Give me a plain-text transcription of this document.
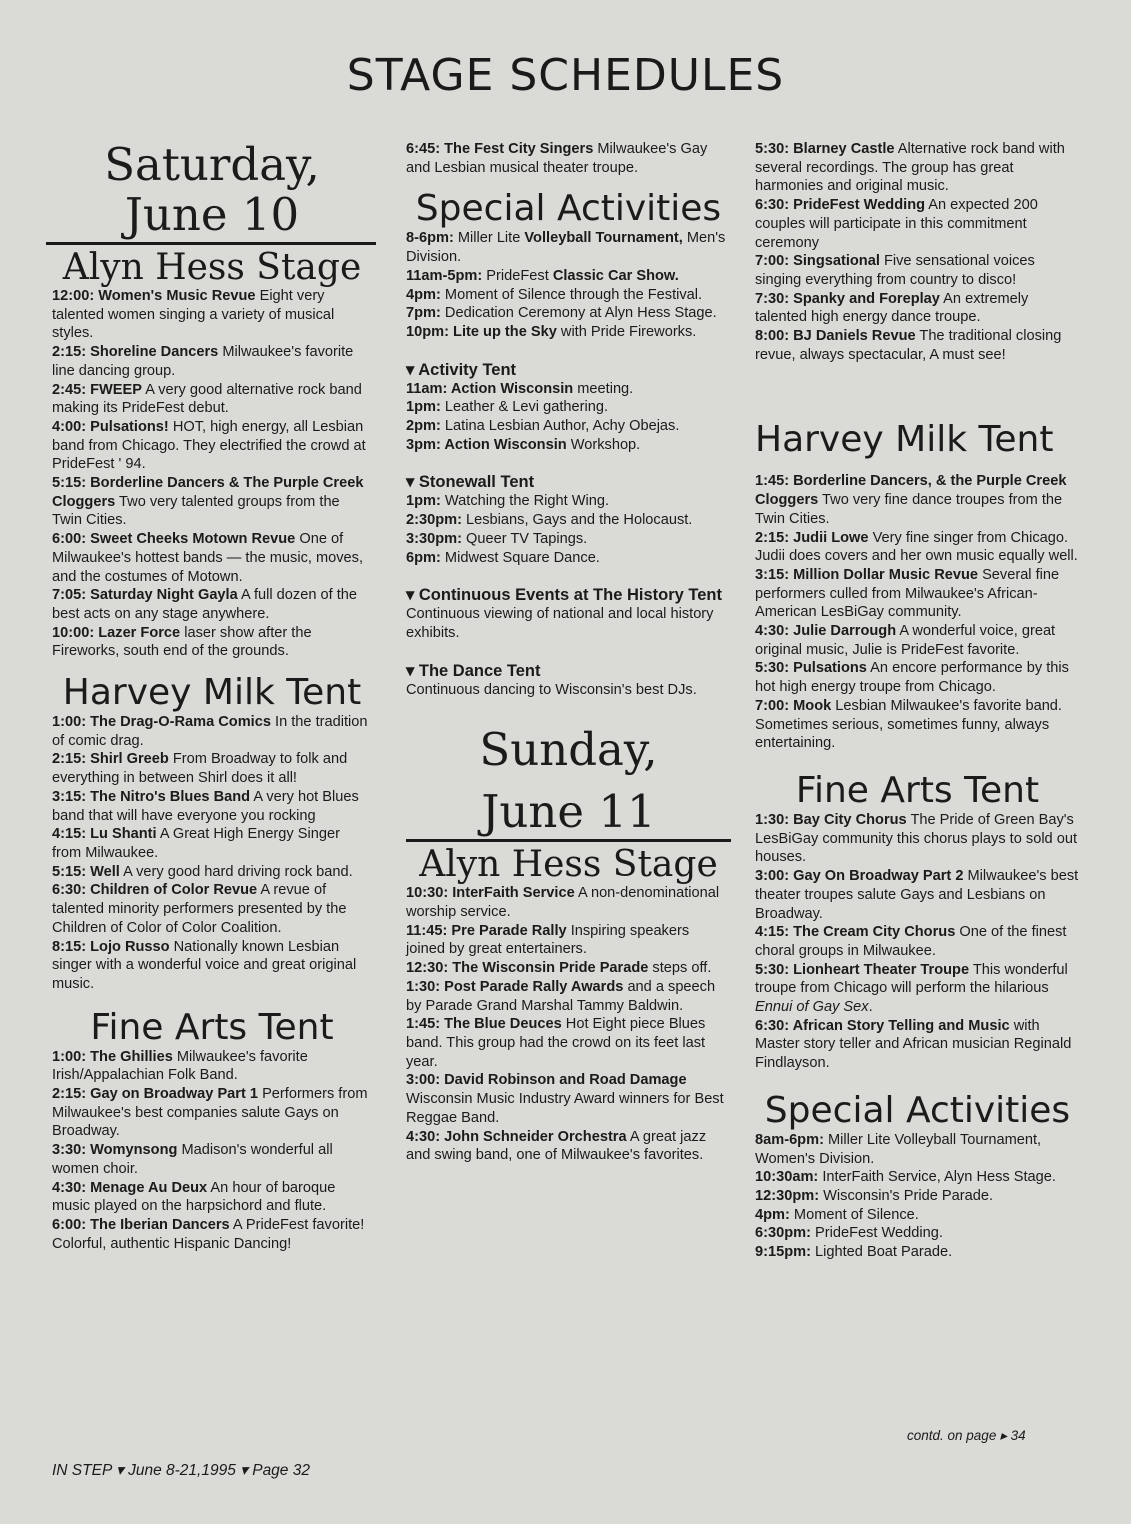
STAGE SCHEDULES
Saturday,
June 10
Alyn Hess Stage

12:00: Women's Music Revue Eight very talented women singing a variety of musical styles.

2:15: Shoreline Dancers Milwaukee's favorite line dancing group.

2:45: FWEEP A very good alternative rock band making its PrideFest debut.

4:00: Pulsations! HOT, high energy, all Lesbian band from Chicago. They electrified the crowd at PrideFest ' 94.

5:15: Borderline Dancers & The Purple Creek Cloggers Two very talented groups from the Twin Cities.

6:00: Sweet Cheeks Motown Revue One of Milwaukee's hottest bands — the music, moves, and the costumes of Motown.

7:05: Saturday Night Gayla A full dozen of the best acts on any stage anywhere.

10:00: Lazer Force laser show after the Fireworks, south end of the grounds.

Harvey Milk Tent

1:00: The Drag-O-Rama Comics In the tradition of comic drag.

2:15: Shirl Greeb From Broadway to folk and everything in between Shirl does it all!

3:15: The Nitro's Blues Band A very hot Blues band that will have everyone you rocking

4:15: Lu Shanti A Great High Energy Singer from Milwaukee.

5:15: Well A very good hard driving rock band.

6:30: Children of Color Revue A revue of talented minority performers presented by the Children of Color of Color Coalition.

8:15: Lojo Russo Nationally known Lesbian singer with a wonderful voice and great original music.

Fine Arts Tent

1:00: The Ghillies Milwaukee's favorite Irish/Appalachian Folk Band.

2:15: Gay on Broadway Part 1 Performers from Milwaukee's best companies salute Gays on Broadway.

3:30: Womynsong Madison's wonderful all women choir.

4:30: Menage Au Deux An hour of baroque music played on the harpsichord and flute.

6:00: The Iberian Dancers A PrideFest favorite! Colorful, authentic Hispanic Dancing!

6:45: The Fest City Singers Milwaukee's Gay and Lesbian musical theater troupe.

Special Activities

8-6pm: Miller Lite Volleyball Tournament, Men's Division.

11am-5pm: PrideFest Classic Car Show.

4pm: Moment of Silence through the Festival.

7pm: Dedication Ceremony at Alyn Hess Stage.

10pm: Lite up the Sky with Pride Fireworks.

▾ Activity Tent

11am: Action Wisconsin meeting.

1pm: Leather & Levi gathering.

2pm: Latina Lesbian Author, Achy Obejas.

3pm: Action Wisconsin Workshop.

▾ Stonewall Tent

1pm: Watching the Right Wing.

2:30pm: Lesbians, Gays and the Holocaust.

3:30pm: Queer TV Tapings.

6pm: Midwest Square Dance.

▾ Continuous Events at The History Tent

Continuous viewing of national and local history exhibits.

▾ The Dance Tent

Continuous dancing to Wisconsin's best DJs.

Sunday,
June 11
Alyn Hess Stage

10:30: InterFaith Service A non-denominational worship service.

11:45: Pre Parade Rally Inspiring speakers joined by great entertainers.

12:30: The Wisconsin Pride Parade steps off.

1:30: Post Parade Rally Awards and a speech by Parade Grand Marshal Tammy Baldwin.

1:45: The Blue Deuces Hot Eight piece Blues band. This group had the crowd on its feet last year.

3:00: David Robinson and Road Damage Wisconsin Music Industry Award winners for Best Reggae Band.

4:30: John Schneider Orchestra A great jazz and swing band, one of Milwaukee's favorites.

5:30: Blarney Castle Alternative rock band with several recordings. The group has great harmonies and original music.

6:30: PrideFest Wedding An expected 200 couples will participate in this commitment ceremony

7:00: Singsational Five sensational voices singing everything from country to disco!

7:30: Spanky and Foreplay An extremely talented high energy dance troupe.

8:00: BJ Daniels Revue The traditional closing revue, always spectacular, A must see!

Harvey Milk Tent

1:45: Borderline Dancers, & the Purple Creek Cloggers Two very fine dance troupes from the Twin Cities.

2:15: Judii Lowe Very fine singer from Chicago. Judii does covers and her own music equally well.

3:15: Million Dollar Music Revue Several fine performers culled from Milwaukee's African-American LesBiGay community.

4:30: Julie Darrough A wonderful voice, great original music, Julie is PrideFest favorite.

5:30: Pulsations An encore performance by this hot high energy troupe from Chicago.

7:00: Mook Lesbian Milwaukee's favorite band. Sometimes serious, sometimes funny, always entertaining.

Fine Arts Tent

1:30: Bay City Chorus The Pride of Green Bay's LesBiGay community this chorus plays to sold out houses.

3:00: Gay On Broadway Part 2 Milwaukee's best theater troupes salute Gays and Lesbians on Broadway.

4:15: The Cream City Chorus One of the finest choral groups in Milwaukee.

5:30: Lionheart Theater Troupe This wonderful troupe from Chicago will perform the hilarious Ennui of Gay Sex.

6:30: African Story Telling and Music with Master story teller and African musician Reginald Findlayson.

Special Activities

8am-6pm: Miller Lite Volleyball Tournament, Women's Division.

10:30am: InterFaith Service, Alyn Hess Stage.

12:30pm: Wisconsin's Pride Parade.

4pm: Moment of Silence.

6:30pm: PrideFest Wedding.

9:15pm: Lighted Boat Parade.

contd. on page ▸ 34
IN STEP ▾ June 8-21,1995 ▾ Page 32
